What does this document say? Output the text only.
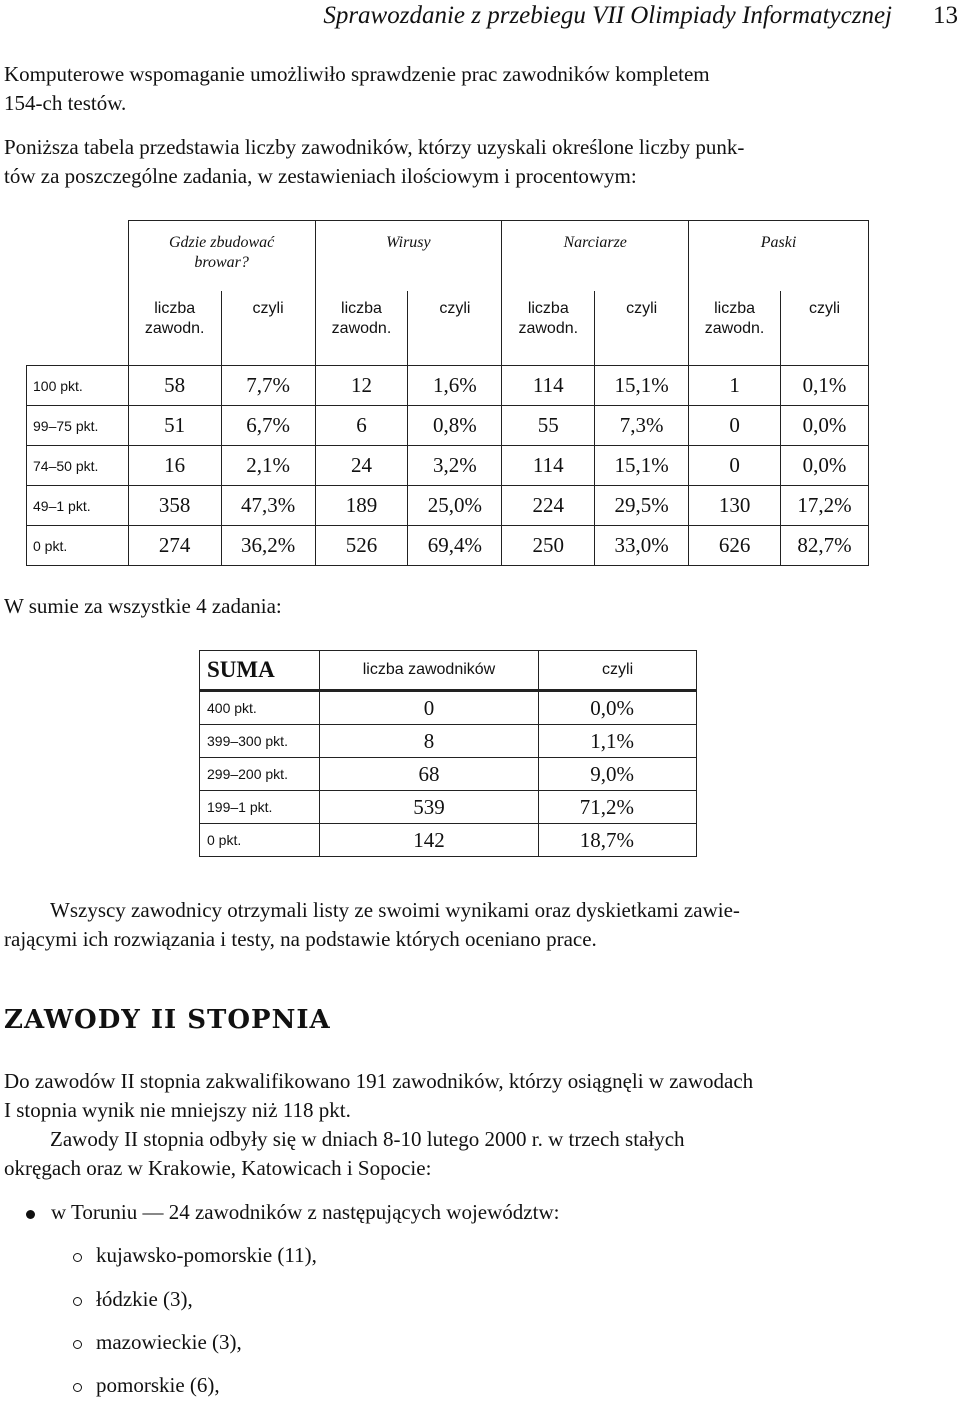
Sprawozdanie z przebiegu VII Olimpiady Informatycznej 13
Komputerowe wspomaganie umożliwiło sprawdzenie prac zawodników kompletem
154-ch testów.
Poniższa tabela przedstawia liczby zawodników, którzy uzyskali określone liczby punk-
tów za poszczególne zadania, w zestawieniach ilościowym i procentowym:
	Gdzie zbudować browar?		Wirusy		Narciarze		Paski	
	liczba zawodn.	czyli	liczba zawodn.	czyli	liczba zawodn.	czyli	liczba zawodn.	czyli
100 pkt.	58	7,7%	12	1,6%	114	15,1%	1	0,1%
99–75 pkt.	51	6,7%	6	0,8%	55	7,3%	0	0,0%
74–50 pkt.	16	2,1%	24	3,2%	114	15,1%	0	0,0%
49–1 pkt.	358	47,3%	189	25,0%	224	29,5%	130	17,2%
0 pkt.	274	36,2%	526	69,4%	250	33,0%	626	82,7%
W sumie za wszystkie 4 zadania:
SUMA	liczba zawodników	czyli
400 pkt.	0	0,0%
399–300 pkt.	8	1,1%
299–200 pkt.	68	9,0%
199–1 pkt.	539	71,2%
0 pkt.	142	18,7%
Wszyscy zawodnicy otrzymali listy ze swoimi wynikami oraz dyskietkami zawie-
rającymi ich rozwiązania i testy, na podstawie których oceniano prace.
ZAWODY II STOPNIA
Do zawodów II stopnia zakwalifikowano 191 zawodników, którzy osiągnęli w zawodach
I stopnia wynik nie mniejszy niż 118 pkt.
Zawody II stopnia odbyły się w dniach 8-10 lutego 2000 r. w trzech stałych
okręgach oraz w Krakowie, Katowicach i Sopocie:
w Toruniu — 24 zawodników z następujących województw:
kujawsko-pomorskie (11),
łódzkie (3),
mazowieckie (3),
pomorskie (6),
